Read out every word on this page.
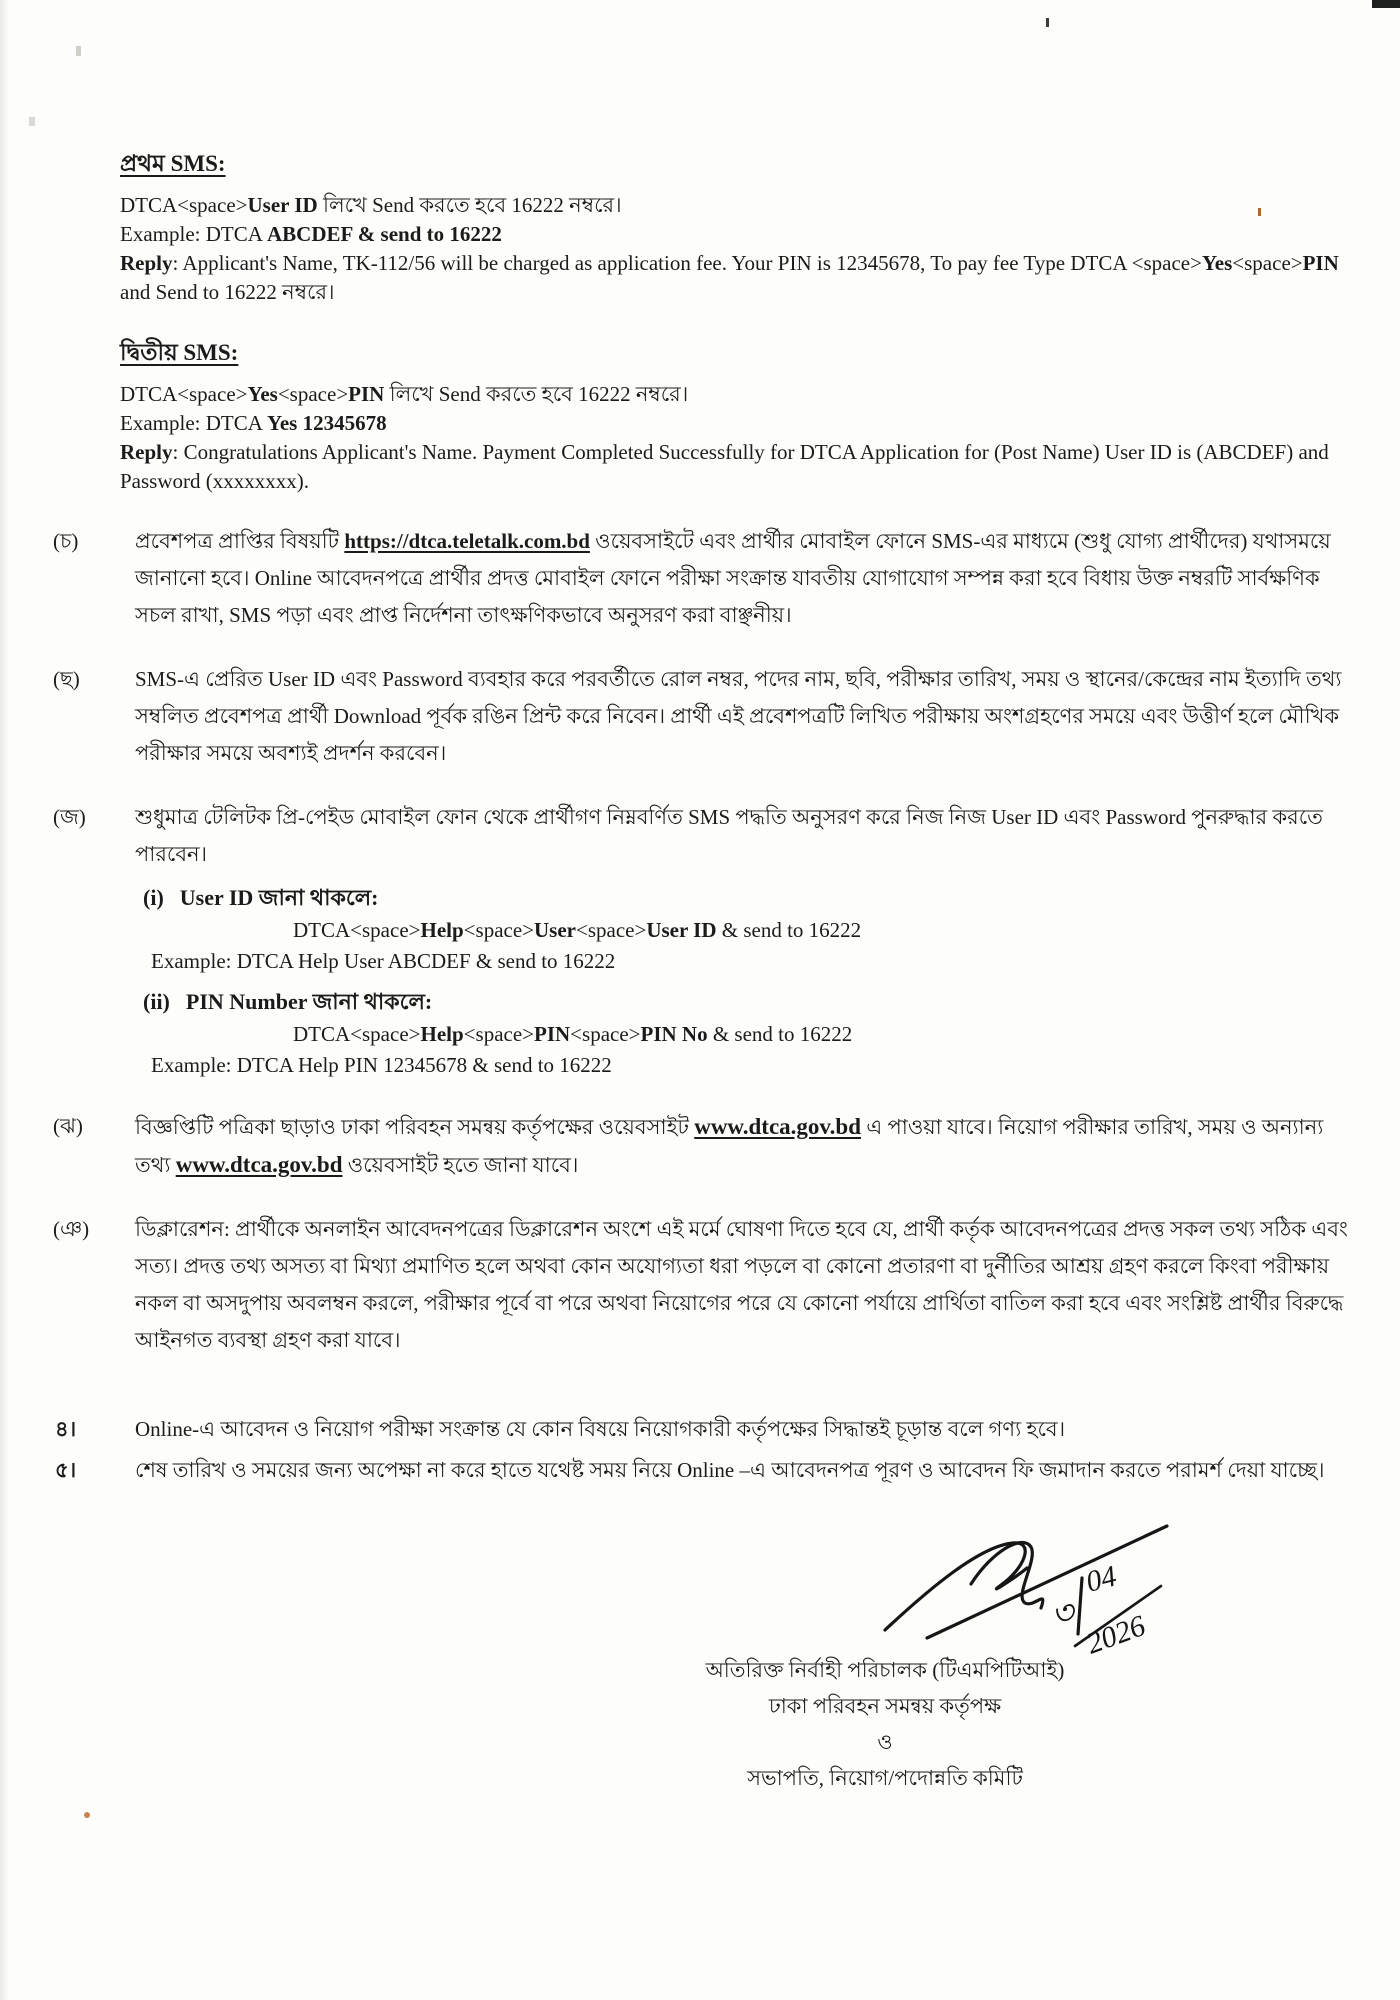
প্রথম SMS:

DTCA<space>User ID লিখে Send করতে হবে 16222 নম্বরে।

Example: DTCA ABCDEF & send to 16222

Reply: Applicant's Name, TK-112/56 will be charged as application fee. Your PIN is 12345678, To pay fee Type DTCA <space>Yes<space>PIN and Send to 16222 নম্বরে।

দ্বিতীয় SMS:

DTCA<space>Yes<space>PIN লিখে Send করতে হবে 16222 নম্বরে।

Example: DTCA Yes 12345678

Reply: Congratulations Applicant's Name. Payment Completed Successfully for DTCA Application for (Post Name) User ID is (ABCDEF) and Password (xxxxxxxx).

(চ)	প্রবেশপত্র প্রাপ্তির বিষয়টি https://dtca.teletalk.com.bd ওয়েবসাইটে এবং প্রার্থীর মোবাইল ফোনে SMS-এর মাধ্যমে (শুধু যোগ্য প্রার্থীদের) যথাসময়ে জানানো হবে। Online আবেদনপত্রে প্রার্থীর প্রদত্ত মোবাইল ফোনে পরীক্ষা সংক্রান্ত যাবতীয় যোগাযোগ সম্পন্ন করা হবে বিধায় উক্ত নম্বরটি সার্বক্ষণিক সচল রাখা, SMS পড়া এবং প্রাপ্ত নির্দেশনা তাৎক্ষণিকভাবে অনুসরণ করা বাঞ্ছনীয়।

(ছ)	SMS-এ প্রেরিত User ID এবং Password ব্যবহার করে পরবর্তীতে রোল নম্বর, পদের নাম, ছবি, পরীক্ষার তারিখ, সময় ও স্থানের/কেন্দ্রের নাম ইত্যাদি তথ্য সম্বলিত প্রবেশপত্র প্রার্থী Download পূর্বক রঙিন প্রিন্ট করে নিবেন। প্রার্থী এই প্রবেশপত্রটি লিখিত পরীক্ষায় অংশগ্রহণের সময়ে এবং উত্তীর্ণ হলে মৌখিক পরীক্ষার সময়ে অবশ্যই প্রদর্শন করবেন।

(জ) শুধুমাত্র টেলিটক প্রি-পেইড মোবাইল ফোন থেকে প্রার্থীগণ নিম্নবর্ণিত SMS পদ্ধতি অনুসরণ করে নিজ নিজ User ID এবং Password পুনরুদ্ধার করতে পারবেন।

(i) User ID জানা থাকলে:

DTCA<space>Help<space>User<space>User ID & send to 16222

Example: DTCA Help User ABCDEF & send to 16222

(ii) PIN Number জানা থাকলে:

DTCA<space>Help<space>PIN<space>PIN No & send to 16222

Example: DTCA Help PIN 12345678 & send to 16222

(ঝ) বিজ্ঞপ্তিটি পত্রিকা ছাড়াও ঢাকা পরিবহন সমন্বয় কর্তৃপক্ষের ওয়েবসাইট www.dtca.gov.bd এ পাওয়া যাবে। নিয়োগ পরীক্ষার তারিখ, সময় ও অন্যান্য তথ্য www.dtca.gov.bd ওয়েবসাইট হতে জানা যাবে।

(ঞ) ডিক্লারেশন: প্রার্থীকে অনলাইন আবেদনপত্রের ডিক্লারেশন অংশে এই মর্মে ঘোষণা দিতে হবে যে, প্রার্থী কর্তৃক আবেদনপত্রের প্রদত্ত সকল তথ্য সঠিক এবং সত্য। প্রদত্ত তথ্য অসত্য বা মিথ্যা প্রমাণিত হলে অথবা কোন অযোগ্যতা ধরা পড়লে বা কোনো প্রতারণা বা দুর্নীতির আশ্রয় গ্রহণ করলে কিংবা পরীক্ষায় নকল বা অসদুপায় অবলম্বন করলে, পরীক্ষার পূর্বে বা পরে অথবা নিয়োগের পরে যে কোনো পর্যায়ে প্রার্থিতা বাতিল করা হবে এবং সংশ্লিষ্ট প্রার্থীর বিরুদ্ধে আইনগত ব্যবস্থা গ্রহণ করা যাবে।

৪।	Online-এ আবেদন ও নিয়োগ পরীক্ষা সংক্রান্ত যে কোন বিষয়ে নিয়োগকারী কর্তৃপক্ষের সিদ্ধান্তই চূড়ান্ত বলে গণ্য হবে।

৫।	শেষ তারিখ ও সময়ের জন্য অপেক্ষা না করে হাতে যথেষ্ট সময় নিয়ে Online –এ আবেদনপত্র পূরণ ও আবেদন ফি জমাদান করতে পরামর্শ দেয়া যাচ্ছে।

৩
04
2026

অতিরিক্ত নির্বাহী পরিচালক (টিএমপিটিআই)

ঢাকা পরিবহন সমন্বয় কর্তৃপক্ষ

ও

সভাপতি, নিয়োগ/পদোন্নতি কমিটি
